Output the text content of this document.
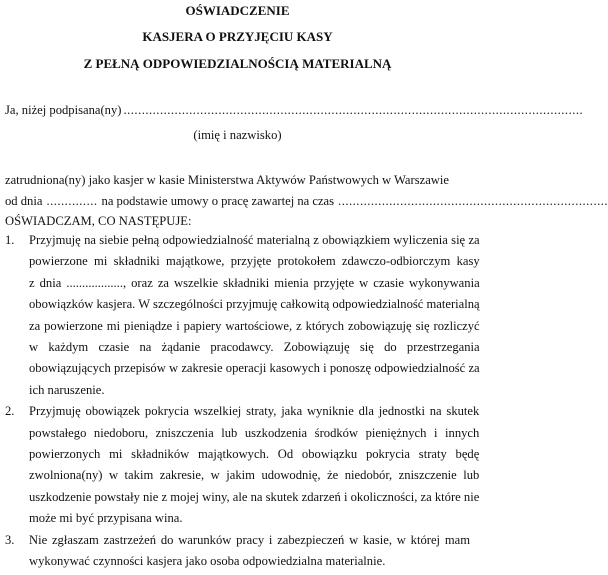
OŚWIADCZENIE
KASJERA O PRZYJĘCIU KASY
Z PEŁNĄ ODPOWIEDZIALNOŚCIĄ MATERIALNĄ
Ja, niżej podpisana(ny) ..............................................................................................................................
(imię i nazwisko)
zatrudniona(ny) jako kasjer w kasie Ministerstwa Aktywów Państwowych w Warszawie
od dnia .............. na podstawie umowy o pracę zawartej na czas ..........................................................................
OŚWIADCZAM, CO NASTĘPUJE:
1.	Przyjmuję na siebie pełną odpowiedzialność materialną z obowiązkiem wyliczenia się za

powierzone mi składniki majątkowe, przyjęte protokołem zdawczo-odbiorczym kasy

z dnia .................., oraz za wszelkie składniki mienia przyjęte w czasie wykonywania

obowiązków kasjera. W szczególności przyjmuję całkowitą odpowiedzialność materialną

za powierzone mi pieniądze i papiery wartościowe, z których zobowiązuję się rozliczyć

w każdym czasie na żądanie pracodawcy. Zobowiązuję się do przestrzegania

obowiązujących przepisów w zakresie operacji kasowych i ponoszę odpowiedzialność za

ich naruszenie.

2.	Przyjmuję obowiązek pokrycia wszelkiej straty, jaka wyniknie dla jednostki na skutek

powstałego niedoboru, zniszczenia lub uszkodzenia środków pieniężnych i innych

powierzonych mi składników majątkowych. Od obowiązku pokrycia straty będę

zwolniona(ny) w takim zakresie, w jakim udowodnię, że niedobór, zniszczenie lub

uszkodzenie powstały nie z mojej winy, ale na skutek zdarzeń i okoliczności, za które nie

może mi być przypisana wina.

3.	Nie zgłaszam zastrzeżeń do warunków pracy i zabezpieczeń w kasie, w której mam

wykonywać czynności kasjera jako osoba odpowiedzialna materialnie.
